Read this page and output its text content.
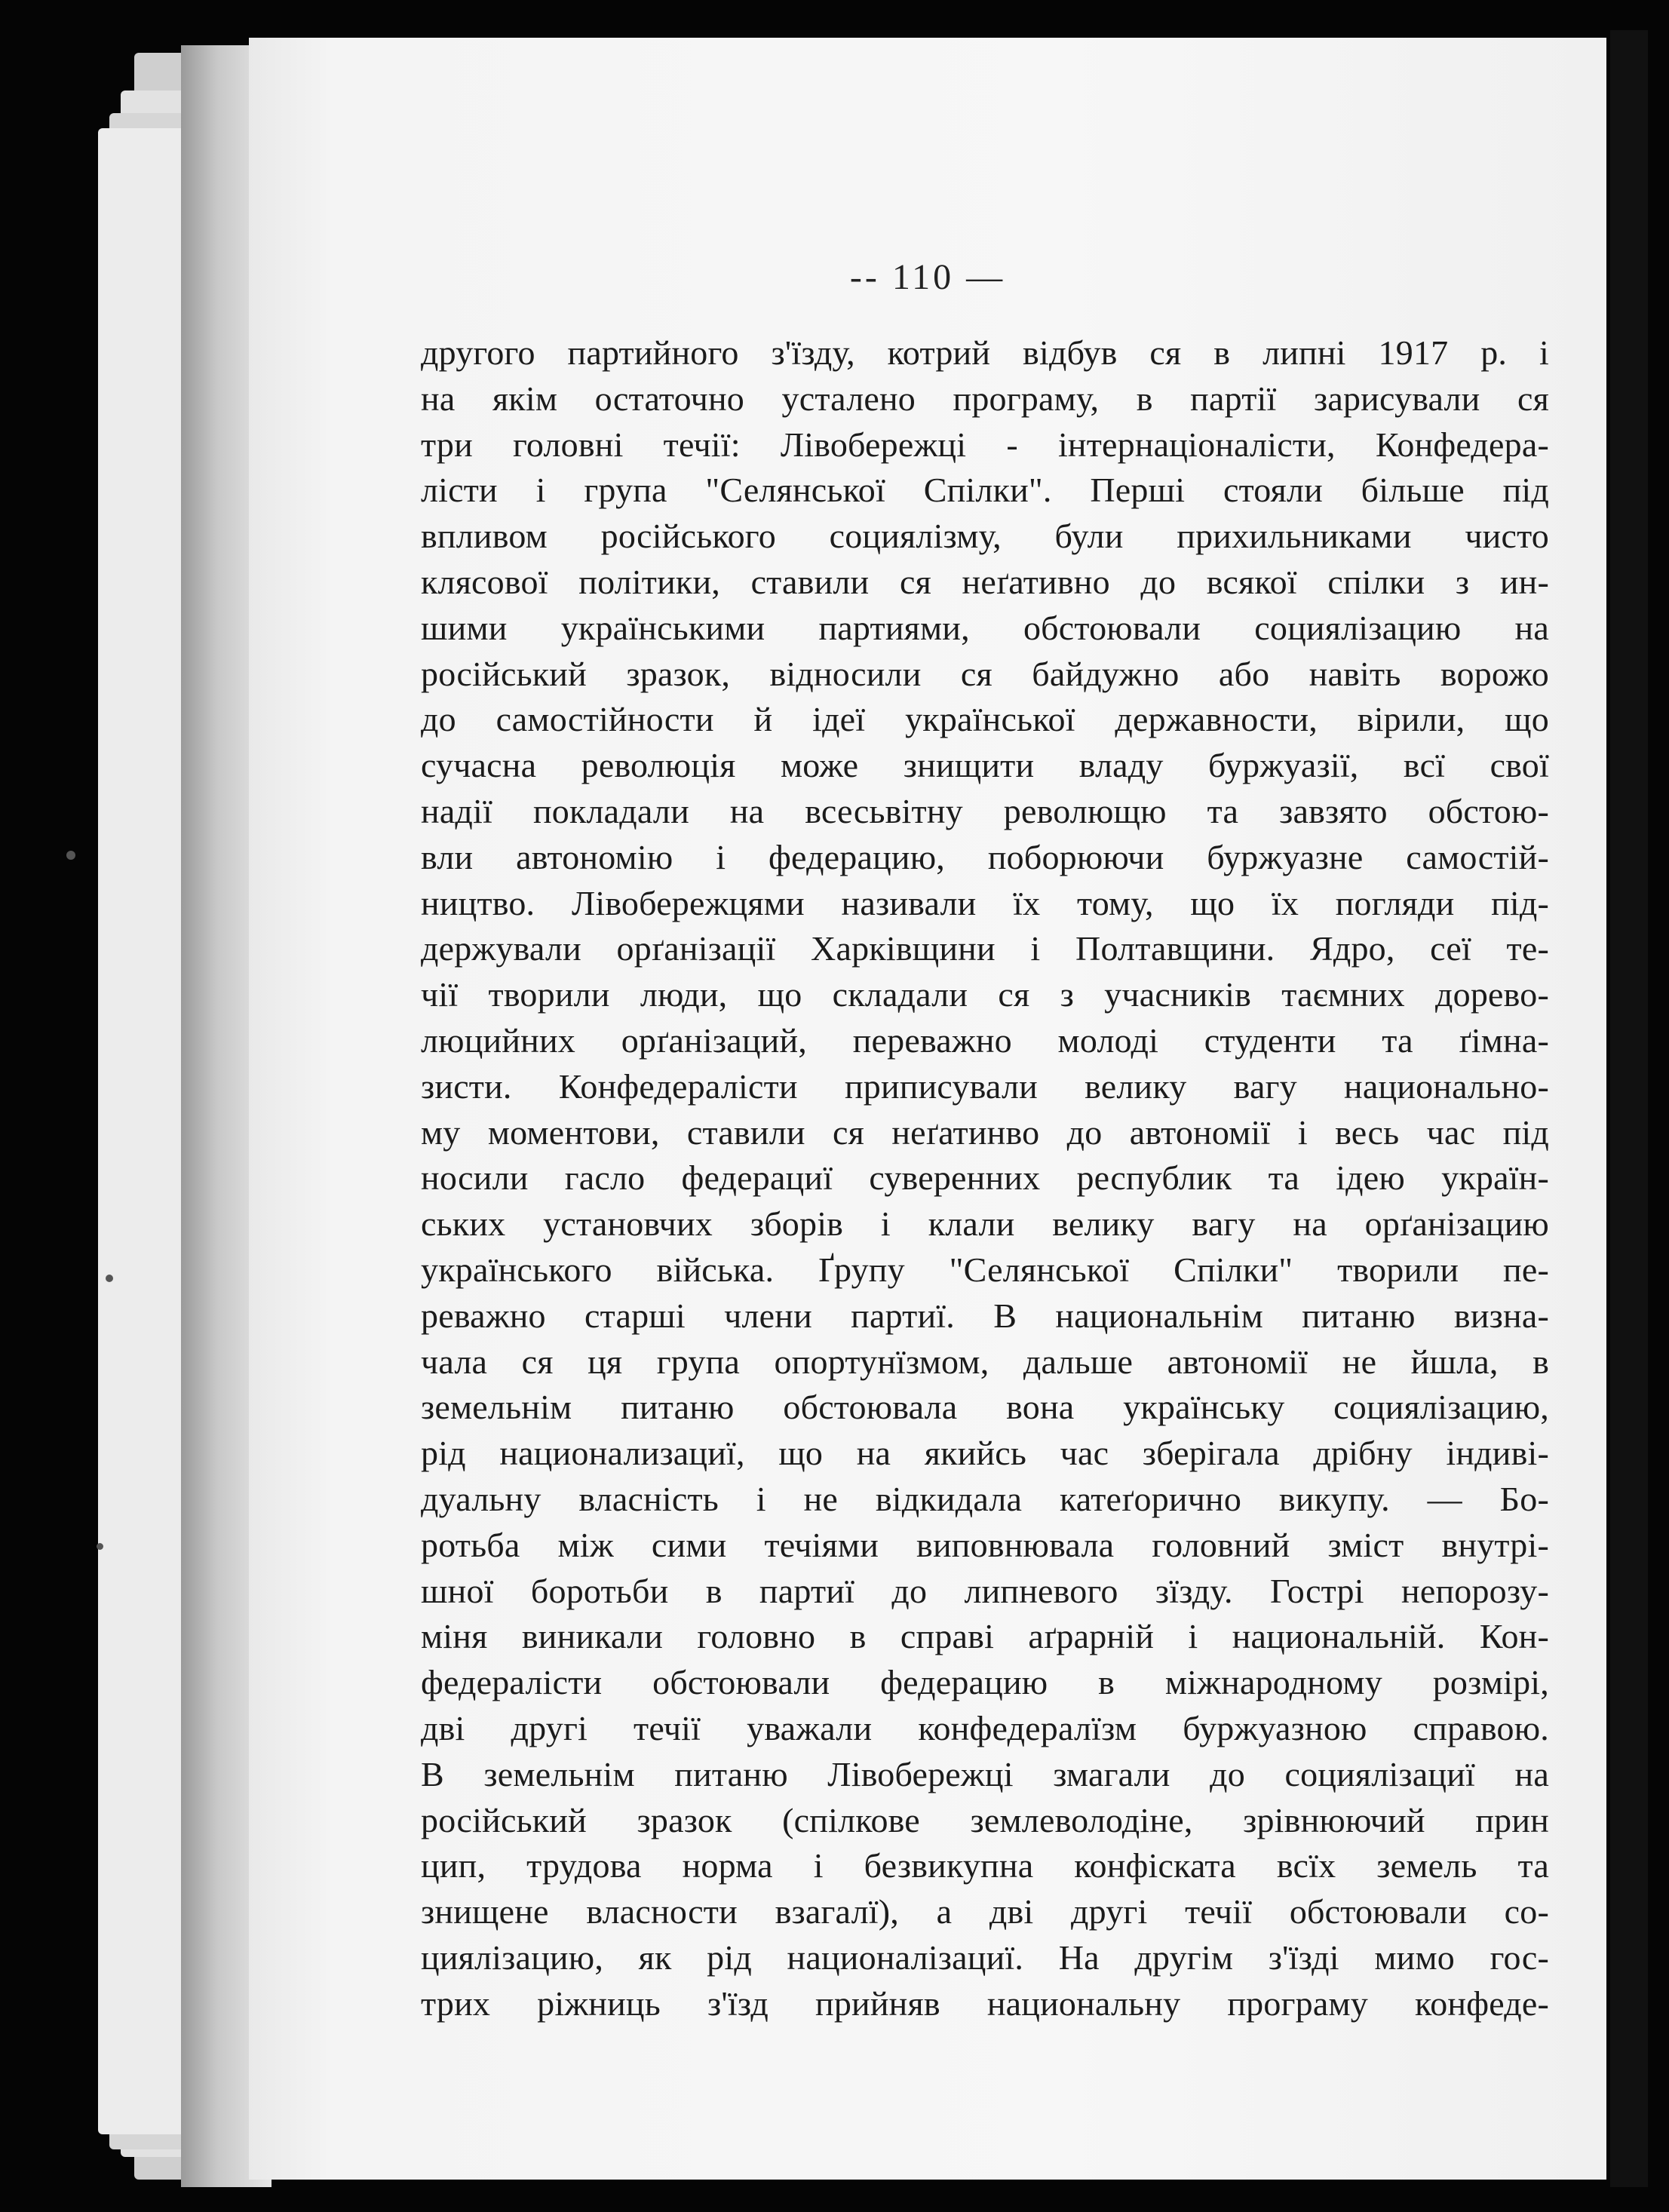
-- 110 —
другого партийного з'їзду, котрий відбув ся в липні 1917 р. і
на якім остаточно усталено програму, в партії зарисували ся
три головні течії: Лівобережці - інтернаціоналісти, Конфедера-
лісти і група "Селянської Спілки". Перші стояли більше під
впливом російського социялізму, були прихильниками чисто
клясової політики, ставили ся неґативно до всякої спілки з ин-
шими українськими партиями, обстоювали социялізацию на
російський зразок, відносили ся байдужно або навіть ворожо
до самостійности й ідеї української державности, вірили, що
сучасна революція може знищити владу буржуазії, всї свої
надії покладали на всесьвітну револющю та завзято обстою-
вли автономію і федерацию, поборюючи буржуазне самостій-
ництво. Лівобережцями називали їх тому, що їх погляди під-
держували орґанізації Харківщини і Полтавщини. Ядро, сеї те-
чії творили люди, що складали ся з учасників таємних дорево-
люцийних орґанізаций, переважно молоді студенти та ґімна-
зисти. Конфедералісти приписували велику вагу национально-
му моментови, ставили ся неґатинво до автономії і весь час під
носили гасло федерациї суверенних республик та ідею україн-
ських установчих зборів і клали велику вагу на орґанізацию
українського війська. Ґрупу "Селянської Спілки" творили пе-
реважно старші члени партиї. В национальнім питаню визна-
чала ся ця група опортунїзмом, дальше автономії не йшла, в
земельнім питаню обстоювала вона українську социялізацию,
рід национализациї, що на якийсь час зберігала дрібну індиві-
дуальну власність і не відкидала катеґорично викупу. — Бо-
ротьба між сими течіями виповнювала головний зміст внутрі-
шної боротьби в партиї до липневого зїзду. Гострі непорозу-
міня виникали головно в справі аґрарній і национальній. Кон-
федералісти обстоювали федерацию в міжнародному розмірі,
дві другі течії уважали конфедералїзм буржуазною справою.
В земельнім питаню Лівобережці змагали до социялізациї на
російський зразок (спілкове землеволодіне, зрівнюючий прин
цип, трудова норма і безвикупна конфіската всїх земель та
знищене власности взагалї), а дві другі течії обстоювали со-
циялізацию, як рід националізациї. На другім з'їзді мимо гос-
трих ріжниць з'їзд прийняв национальну програму конфеде-
